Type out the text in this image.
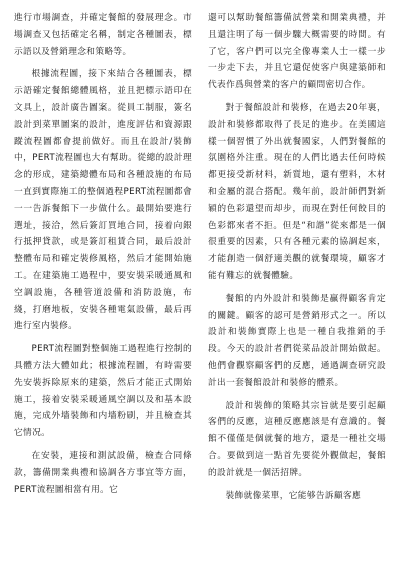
進行市場調查，并確定餐館的發展理念。市場調查又包括確定名稱，制定各種圖表，標示語以及營銷理念和策略等。

根據流程圖，接下來結合各種圖表，標示語確定餐館總體風格，並且把標示語印在文具上，設計廣告圖案。從員工制服，簽名設計到菜單圖案的設計，進度評估和資源跟蹤流程圖都會提前做好。而且在設計/裝飾中，PERT流程圖也大有幫助。從總的設計理念的形成，建築總體布局和各種設施的布局一直到實際施工的整個過程PERT流程圖都會一一告訴餐館下一步做什么。最開始要進行選址，接洽，然后簽訂買地合同，接着向銀行抵押貸款，或是簽訂租賃合同，最后設計整體布局和確定裝修風格，然后才能開始施工。在建築施工過程中，要安裝采暖通風和空調設施，各種管道設備和消防設施，布綫，打磨地板，安裝各種電氣設備，最后再進行室内裝修。

PERT流程圖對整個施工過程進行控制的具體方法大體如此；根據流程圖，有時需要先安裝拆除原來的建築，然后才能正式開始施工，接着安裝采暖通風空調以及和基本設施，完成外墻裝飾和内墻粉刷，并且檢查其它情况。

在安裝，連接和測試設備，檢查合同條款，籌備開業典禮和協調各方事宜等方面，PERT流程圖相當有用。它

還可以幫助餐館籌備試營業和開業典禮，并且還注明了每一個步驟大概需要的時間。有了它，客户們可以完全像專業人士一樣一步一步走下去，并且它還促使客户與建築師和代表作爲與營業的客户的顧問密切合作。

對于餐館設計和裝修，在過去20年裏，設計和裝修都取得了長足的進步。在美國這樣一個習慣了外出就餐國家，人們對餐館的氛圍格外注重。現在的人們比過去任何時候都更接受新材料，新質地，還有塑料，木材和金屬的混合搭配。幾年前，設計師們對新穎的色彩還望而却步，而現在對任何餃目的色彩都來者不拒。但是“和諧”從來都是一個很重要的因素，只有各種元素的協調起來，才能創造一個舒適美觀的就餐環境，顧客才能有難忘的就餐體驗。

餐館的内外設計和裝飾是贏得顧客肯定的關鍵。顧客的認可是營銷形式之一。所以設計和裝飾實際上也是一種自我推銷的手段。今天的設計者們從菜品設計開始做起。他們會觀察顧客們的反應，通過調查研究設計出一套餐館設計和裝修的體系。

設計和裝飾的策略其宗旨就是要引起顧客們的反應，這種反應應該是有意識的。餐館不僅僅是個就餐的地方，還是一種社交場合。要做到這一點首先要從外觀做起，餐館的設計就是一個活招牌。

裝飾就像菜單，它能够告訴顧客應
